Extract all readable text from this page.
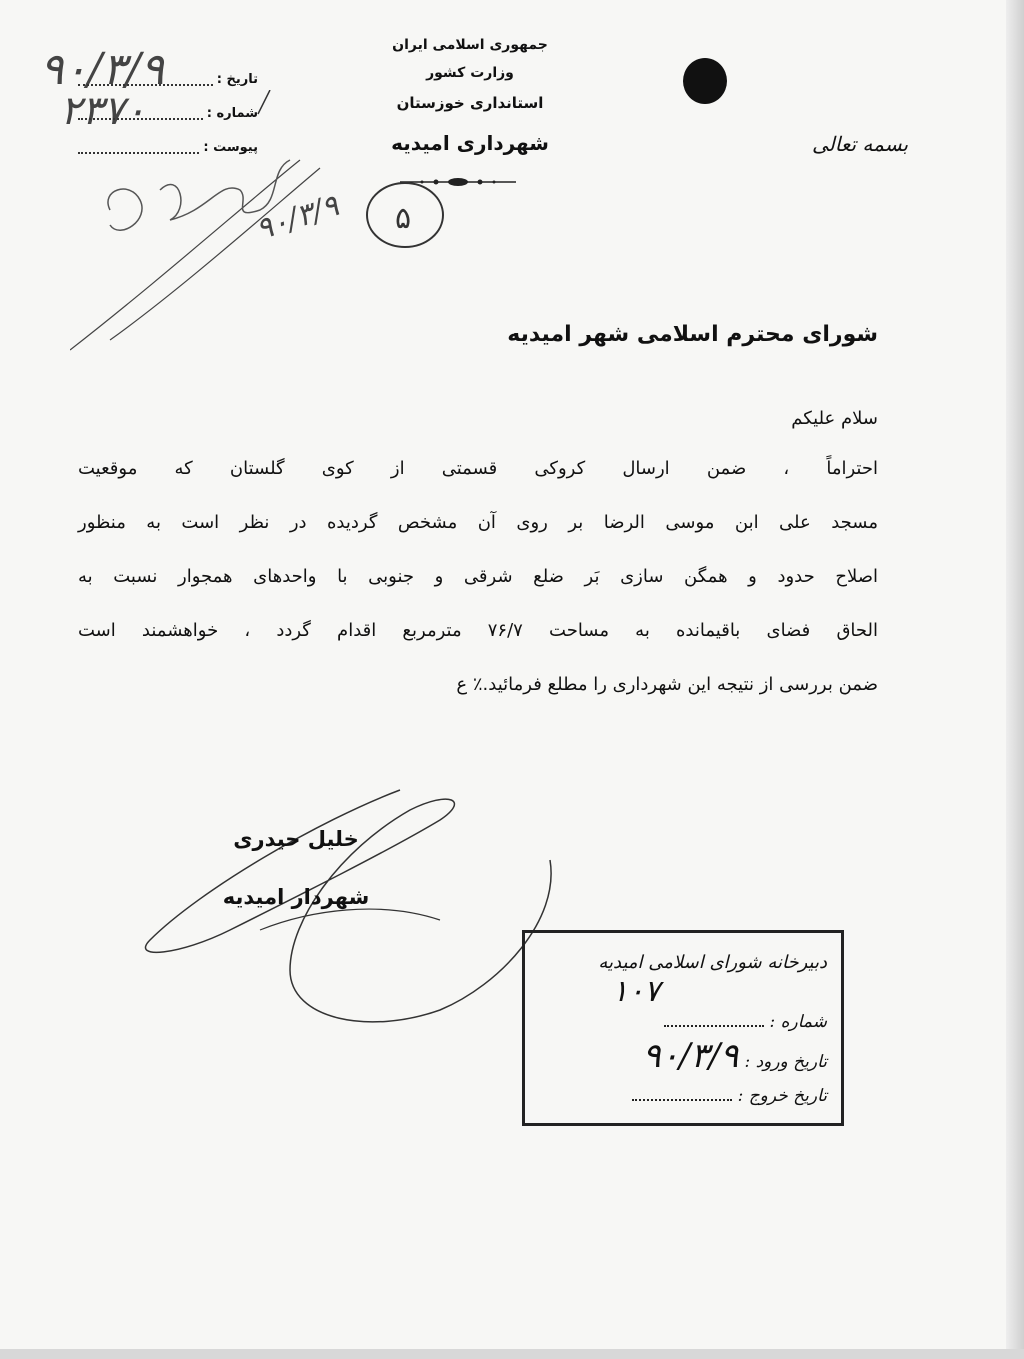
جمهوری اسلامی ایران
وزارت کشور
استانداری خوزستان
شهرداری امیدیه	بسمه تعالی
۹۰/۳/۹
۲۳۷۰
تاریخ :
شماره :
پیوست :
۹۰/۳/۹ ۵
شورای محترم اسلامی شهر امیدیه
سلام علیکم

احتراماً ، ضمن ارسال کروکی قسمتی از کوی گلستان که موقعیت

مسجد علی ابن موسی الرضا بر روی آن مشخص گردیده در نظر است به منظور

اصلاح حدود و همگن سازی بَر ضلع شرقی و جنوبی با واحدهای همجوار نسبت به

الحاق فضای باقیمانده به مساحت ۷۶/۷ مترمربع اقدام گردد ، خواهشمند است

ضمن بررسی از نتیجه این شهرداری را مطلع فرمائید.٪ ع

خلیل حیدری
شهردار امیدیه
دبیرخانه شورای اسلامی امیدیه
۱۰۷
شماره :
تاریخ ورود :
۹۰/۳/۹
تاریخ خروج :
